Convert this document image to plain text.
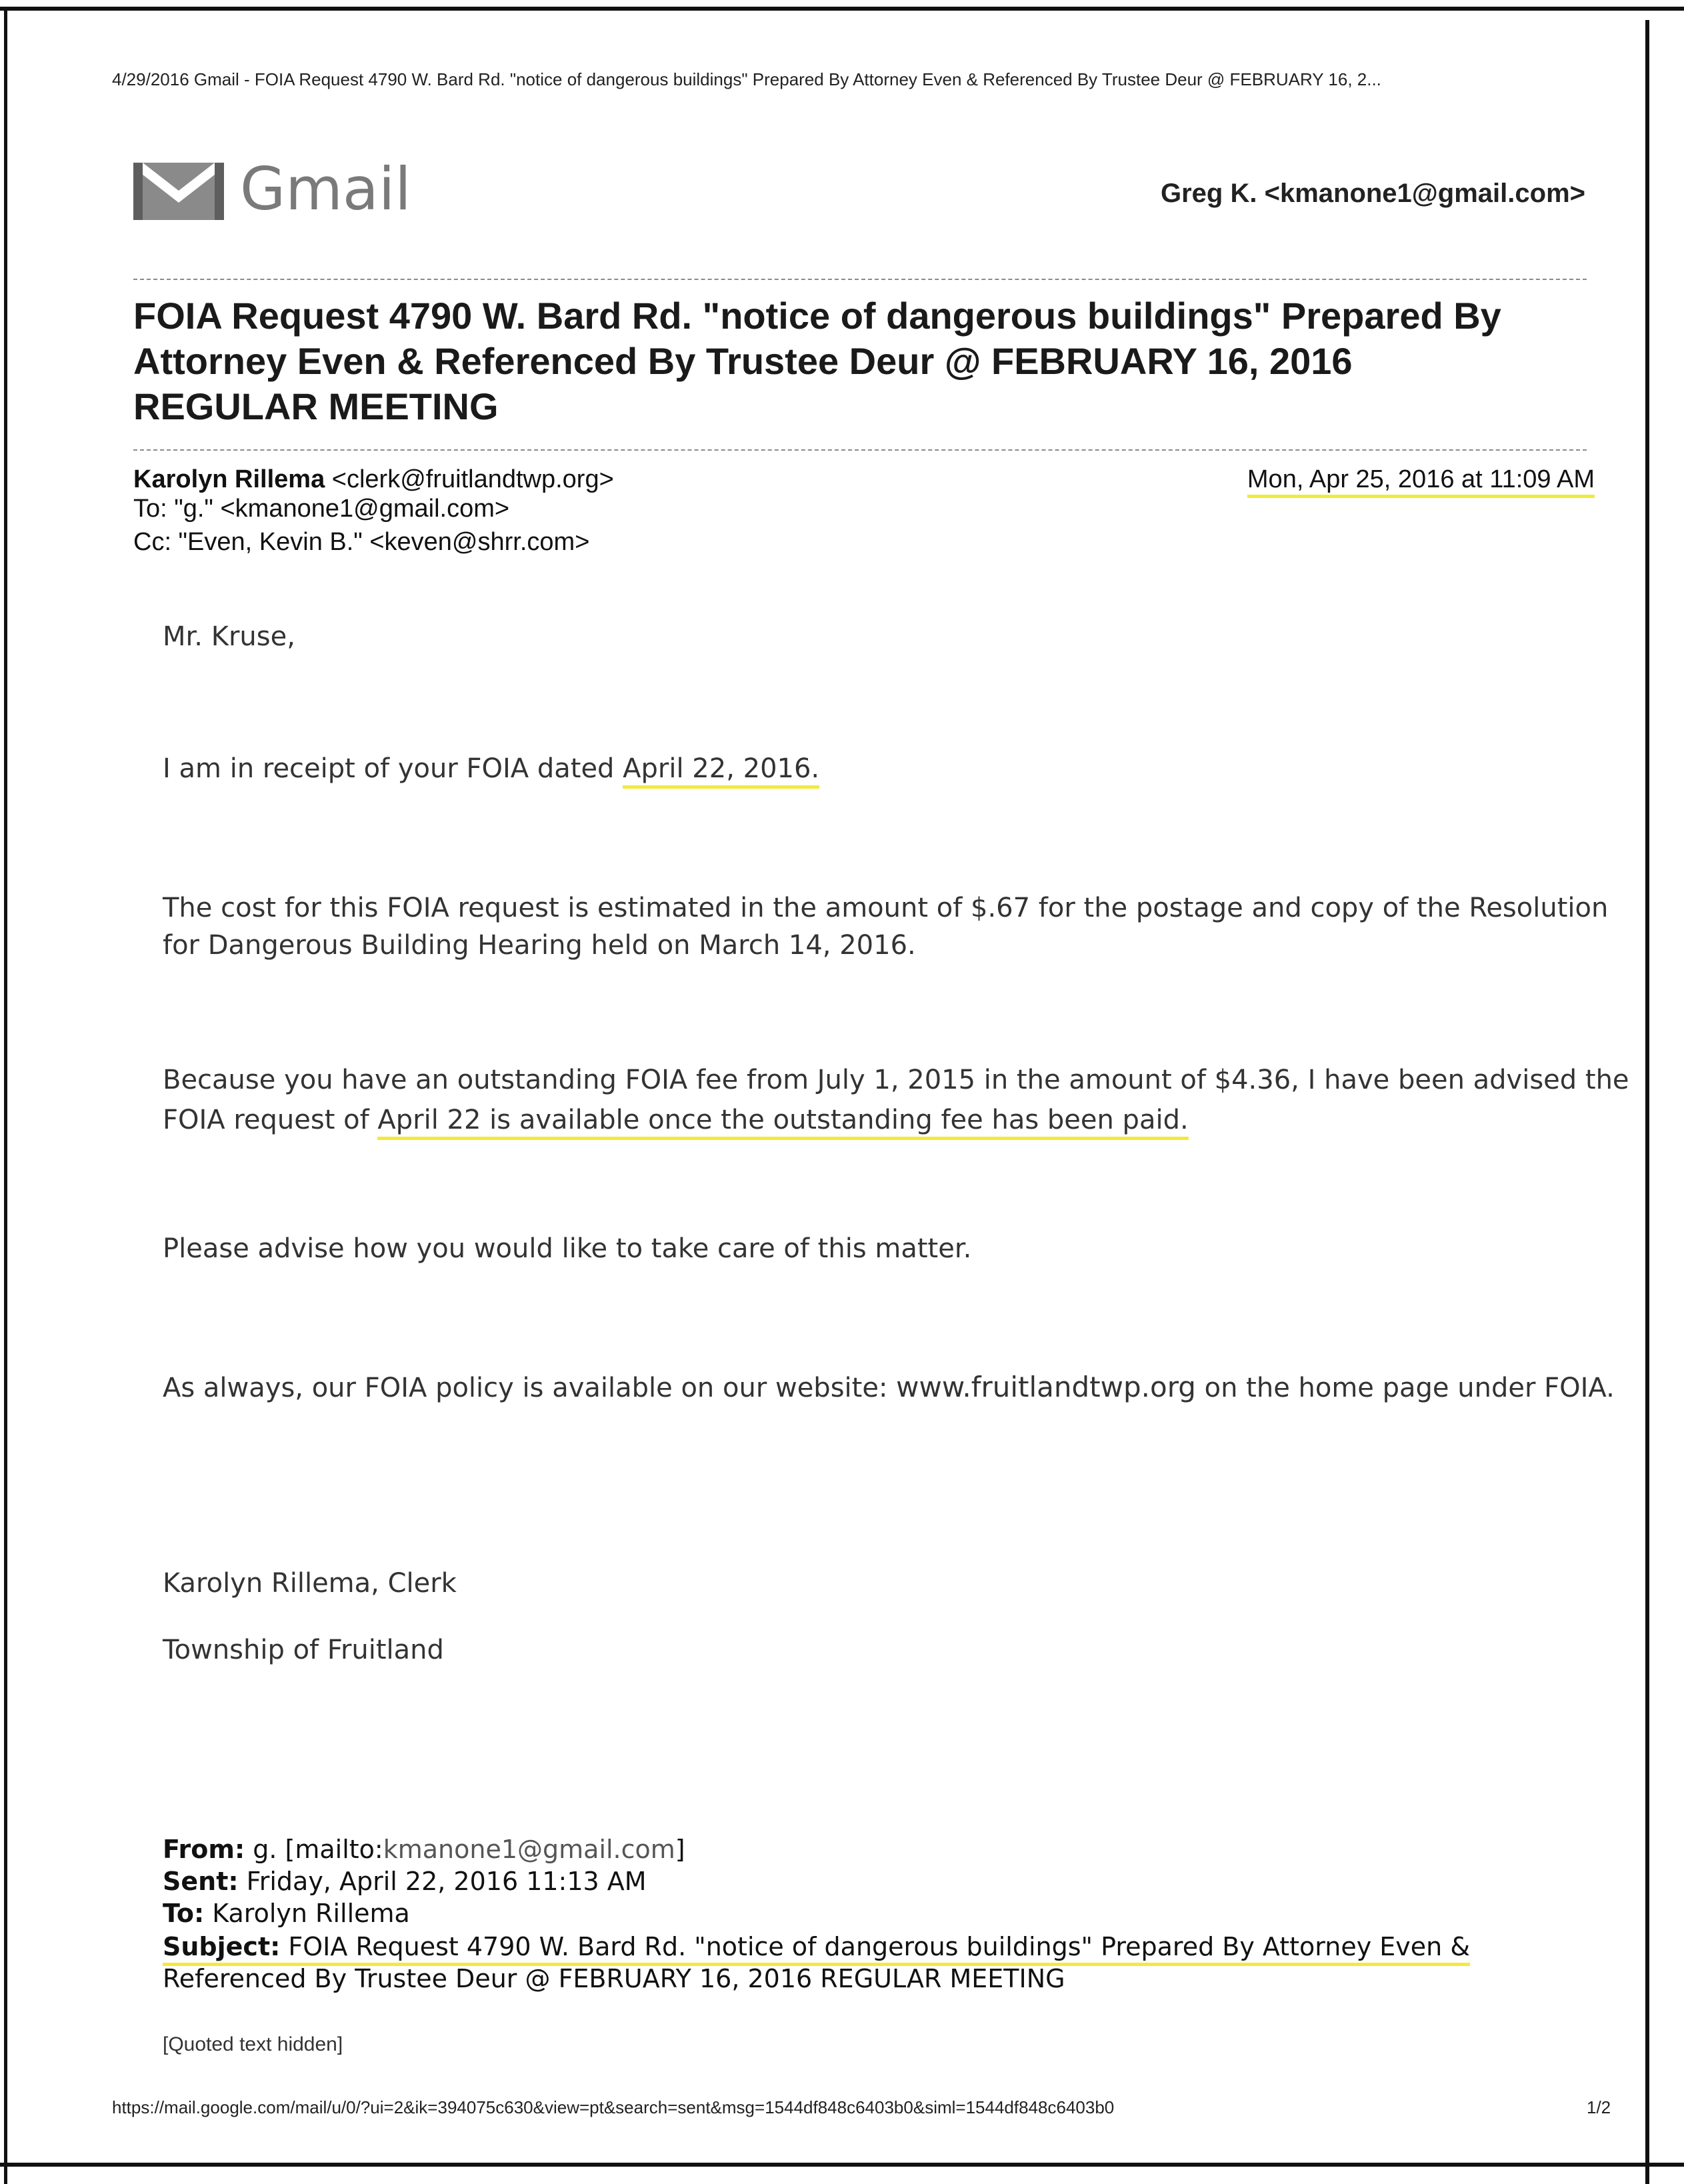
4/29/2016 Gmail - FOIA Request 4790 W. Bard Rd. "notice of dangerous buildings" Prepared By Attorney Even & Referenced By Trustee Deur @ FEBRUARY 16, 2...
Gmail	Greg K. <kmanone1@gmail.com>
FOIA Request 4790 W. Bard Rd. "notice of dangerous buildings" Prepared By
Attorney Even & Referenced By Trustee Deur @ FEBRUARY 16, 2016
REGULAR MEETING
Karolyn Rillema <clerk@fruitlandtwp.org>
To: "g." <kmanone1@gmail.com>
Cc: "Even, Kevin B." <keven@shrr.com>
Mon, Apr 25, 2016 at 11:09 AM
Mr. Kruse,
I am in receipt of your FOIA dated April 22, 2016.
The cost for this FOIA request is estimated in the amount of $.67 for the postage and copy of the Resolution
for Dangerous Building Hearing held on March 14, 2016.
Because you have an outstanding FOIA fee from July 1, 2015 in the amount of $4.36, I have been advised the
FOIA request of April 22 is available once the outstanding fee has been paid.
Please advise how you would like to take care of this matter.
As always, our FOIA policy is available on our website: www.fruitlandtwp.org on the home page under FOIA.
Karolyn Rillema, Clerk
Township of Fruitland
From: g. [mailto:kmanone1@gmail.com]
Sent: Friday, April 22, 2016 11:13 AM
To: Karolyn Rillema
Subject: FOIA Request 4790 W. Bard Rd. "notice of dangerous buildings" Prepared By Attorney Even &
Referenced By Trustee Deur @ FEBRUARY 16, 2016 REGULAR MEETING
[Quoted text hidden]
https://mail.google.com/mail/u/0/?ui=2&ik=394075c630&view=pt&search=sent&msg=1544df848c6403b0&siml=1544df848c6403b0	1/2
